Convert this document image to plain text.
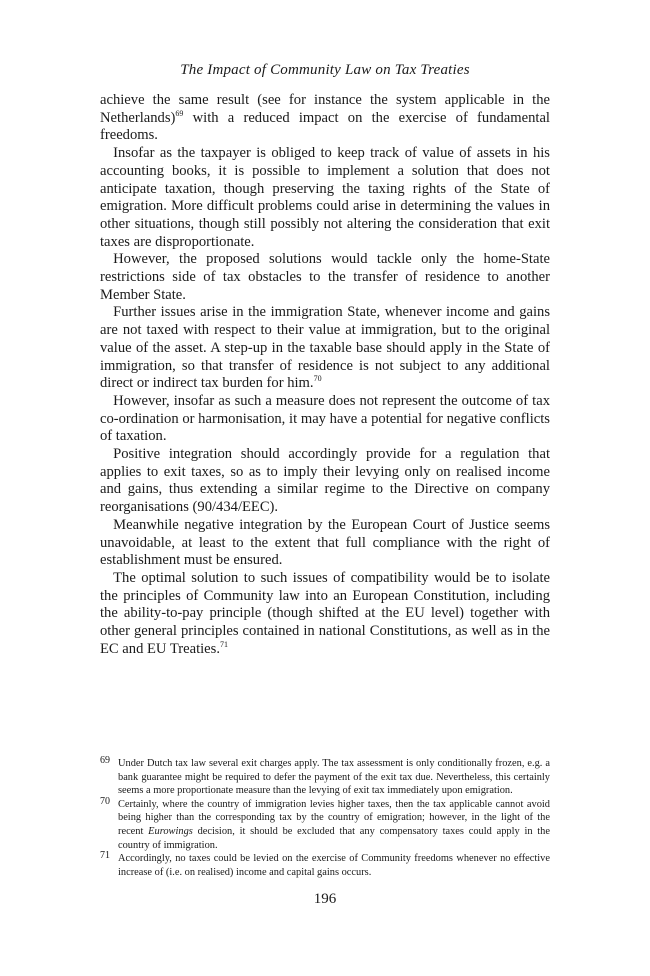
The Impact of Community Law on Tax Treaties

achieve the same result (see for instance the system applicable in the Netherlands)$^{69}$ with a reduced impact on the exercise of fundamental freedoms.

Insofar as the taxpayer is obliged to keep track of value of assets in his accounting books, it is possible to implement a solution that does not anticipate taxation, though preserving the taxing rights of the State of emigration. More difficult problems could arise in determining the values in other situations, though still possibly not altering the consideration that exit taxes are disproportionate.

However, the proposed solutions would tackle only the home-State restrictions side of tax obstacles to the transfer of residence to another Member State.

Further issues arise in the immigration State, whenever income and gains are not taxed with respect to their value at immigration, but to the original value of the asset. A step-up in the taxable base should apply in the State of immigration, so that transfer of residence is not subject to any additional direct or indirect tax burden for him.$^{70}$

However, insofar as such a measure does not represent the outcome of tax co-ordination or harmonisation, it may have a potential for negative conflicts of taxation.

Positive integration should accordingly provide for a regulation that applies to exit taxes, so as to imply their levying only on realised income and gains, thus extending a similar regime to the Directive on company reorganisations (90/434/EEC).

Meanwhile negative integration by the European Court of Justice seems unavoidable, at least to the extent that full compliance with the right of establishment must be ensured.

The optimal solution to such issues of compatibility would be to isolate the principles of Community law into an European Constitution, including the ability-to-pay principle (though shifted at the EU level) together with other general principles contained in national Constitutions, as well as in the EC and EU Treaties.$^{71}$

69 Under Dutch tax law several exit charges apply. The tax assessment is only conditionally frozen, e.g. a bank guarantee might be required to defer the payment of the exit tax due. Nevertheless, this certainly seems a more proportionate measure than the levying of exit tax immediately upon emigration.

70 Certainly, where the country of immigration levies higher taxes, then the tax applicable cannot avoid being higher than the corresponding tax by the country of emigration; however, in the light of the recent Eurowings decision, it should be excluded that any compensatory taxes could apply in the country of immigration.

71 Accordingly, no taxes could be levied on the exercise of Community freedoms whenever no effective increase of (i.e. on realised) income and capital gains occurs.

196
